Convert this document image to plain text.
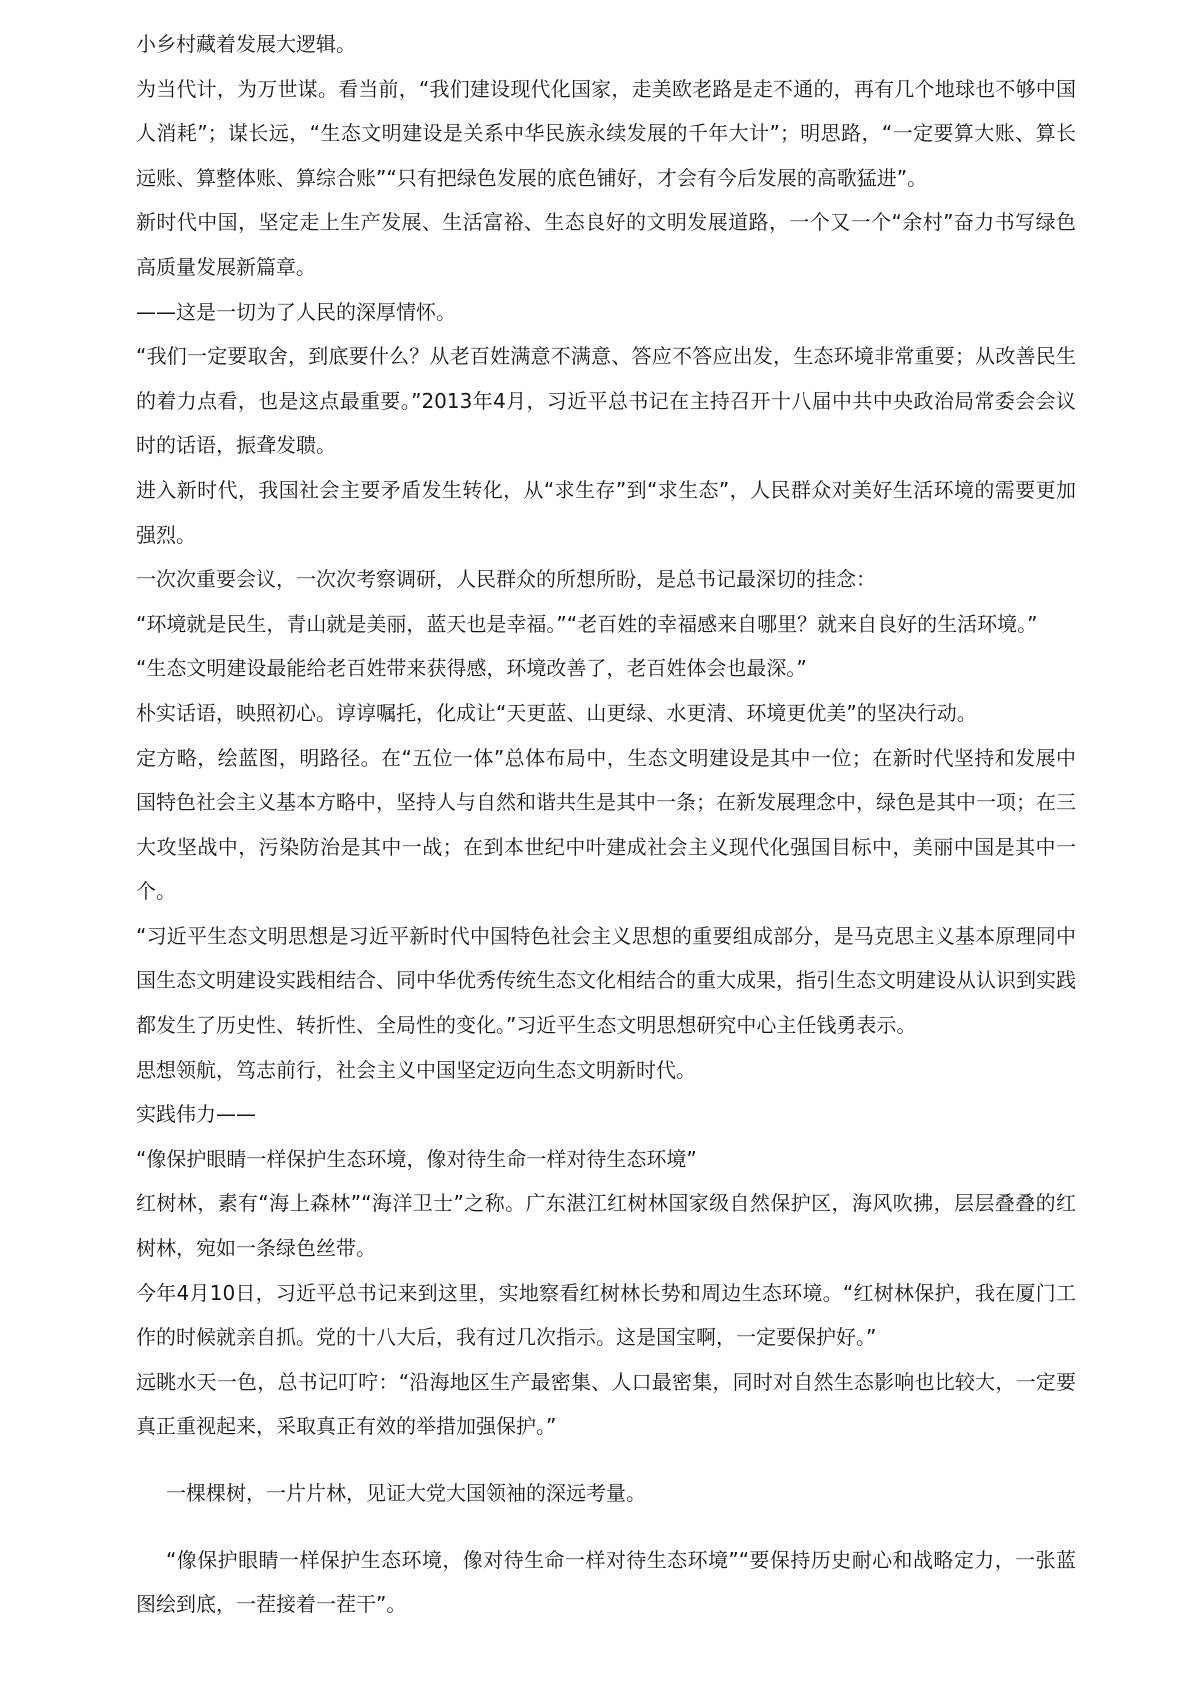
小乡村藏着发展大逻辑。

为当代计，为万世谋。看当前，“我们建设现代化国家，走美欧老路是走不通的，再有几个地球也不够中国人消耗”；谋长远，“生态文明建设是关系中华民族永续发展的千年大计”；明思路，“一定要算大账、算长远账、算整体账、算综合账”“只有把绿色发展的底色铺好，才会有今后发展的高歌猛进”。

新时代中国，坚定走上生产发展、生活富裕、生态良好的文明发展道路，一个又一个“余村”奋力书写绿色高质量发展新篇章。

——这是一切为了人民的深厚情怀。

“我们一定要取舍，到底要什么？从老百姓满意不满意、答应不答应出发，生态环境非常重要；从改善民生的着力点看，也是这点最重要。”2013年4月，习近平总书记在主持召开十八届中共中央政治局常委会会议时的话语，振聋发聩。

进入新时代，我国社会主要矛盾发生转化，从“求生存”到“求生态”，人民群众对美好生活环境的需要更加强烈。

一次次重要会议，一次次考察调研，人民群众的所想所盼，是总书记最深切的挂念：

“环境就是民生，青山就是美丽，蓝天也是幸福。”“老百姓的幸福感来自哪里？就来自良好的生活环境。”

“生态文明建设最能给老百姓带来获得感，环境改善了，老百姓体会也最深。”

朴实话语，映照初心。谆谆嘱托，化成让“天更蓝、山更绿、水更清、环境更优美”的坚决行动。

定方略，绘蓝图，明路径。在“五位一体”总体布局中，生态文明建设是其中一位；在新时代坚持和发展中国特色社会主义基本方略中，坚持人与自然和谐共生是其中一条；在新发展理念中，绿色是其中一项；在三大攻坚战中，污染防治是其中一战；在到本世纪中叶建成社会主义现代化强国目标中，美丽中国是其中一个。

“习近平生态文明思想是习近平新时代中国特色社会主义思想的重要组成部分，是马克思主义基本原理同中国生态文明建设实践相结合、同中华优秀传统生态文化相结合的重大成果，指引生态文明建设从认识到实践都发生了历史性、转折性、全局性的变化。”习近平生态文明思想研究中心主任钱勇表示。

思想领航，笃志前行，社会主义中国坚定迈向生态文明新时代。

实践伟力——

“像保护眼睛一样保护生态环境，像对待生命一样对待生态环境”

红树林，素有“海上森林”“海洋卫士”之称。广东湛江红树林国家级自然保护区，海风吹拂，层层叠叠的红树林，宛如一条绿色丝带。

今年4月10日，习近平总书记来到这里，实地察看红树林长势和周边生态环境。“红树林保护，我在厦门工作的时候就亲自抓。党的十八大后，我有过几次指示。这是国宝啊，一定要保护好。”

远眺水天一色，总书记叮咛：“沿海地区生产最密集、人口最密集，同时对自然生态影响也比较大，一定要真正重视起来，采取真正有效的举措加强保护。”

一棵棵树，一片片林，见证大党大国领袖的深远考量。

“像保护眼睛一样保护生态环境，像对待生命一样对待生态环境”“要保持历史耐心和战略定力，一张蓝图绘到底，一茬接着一茬干”。
